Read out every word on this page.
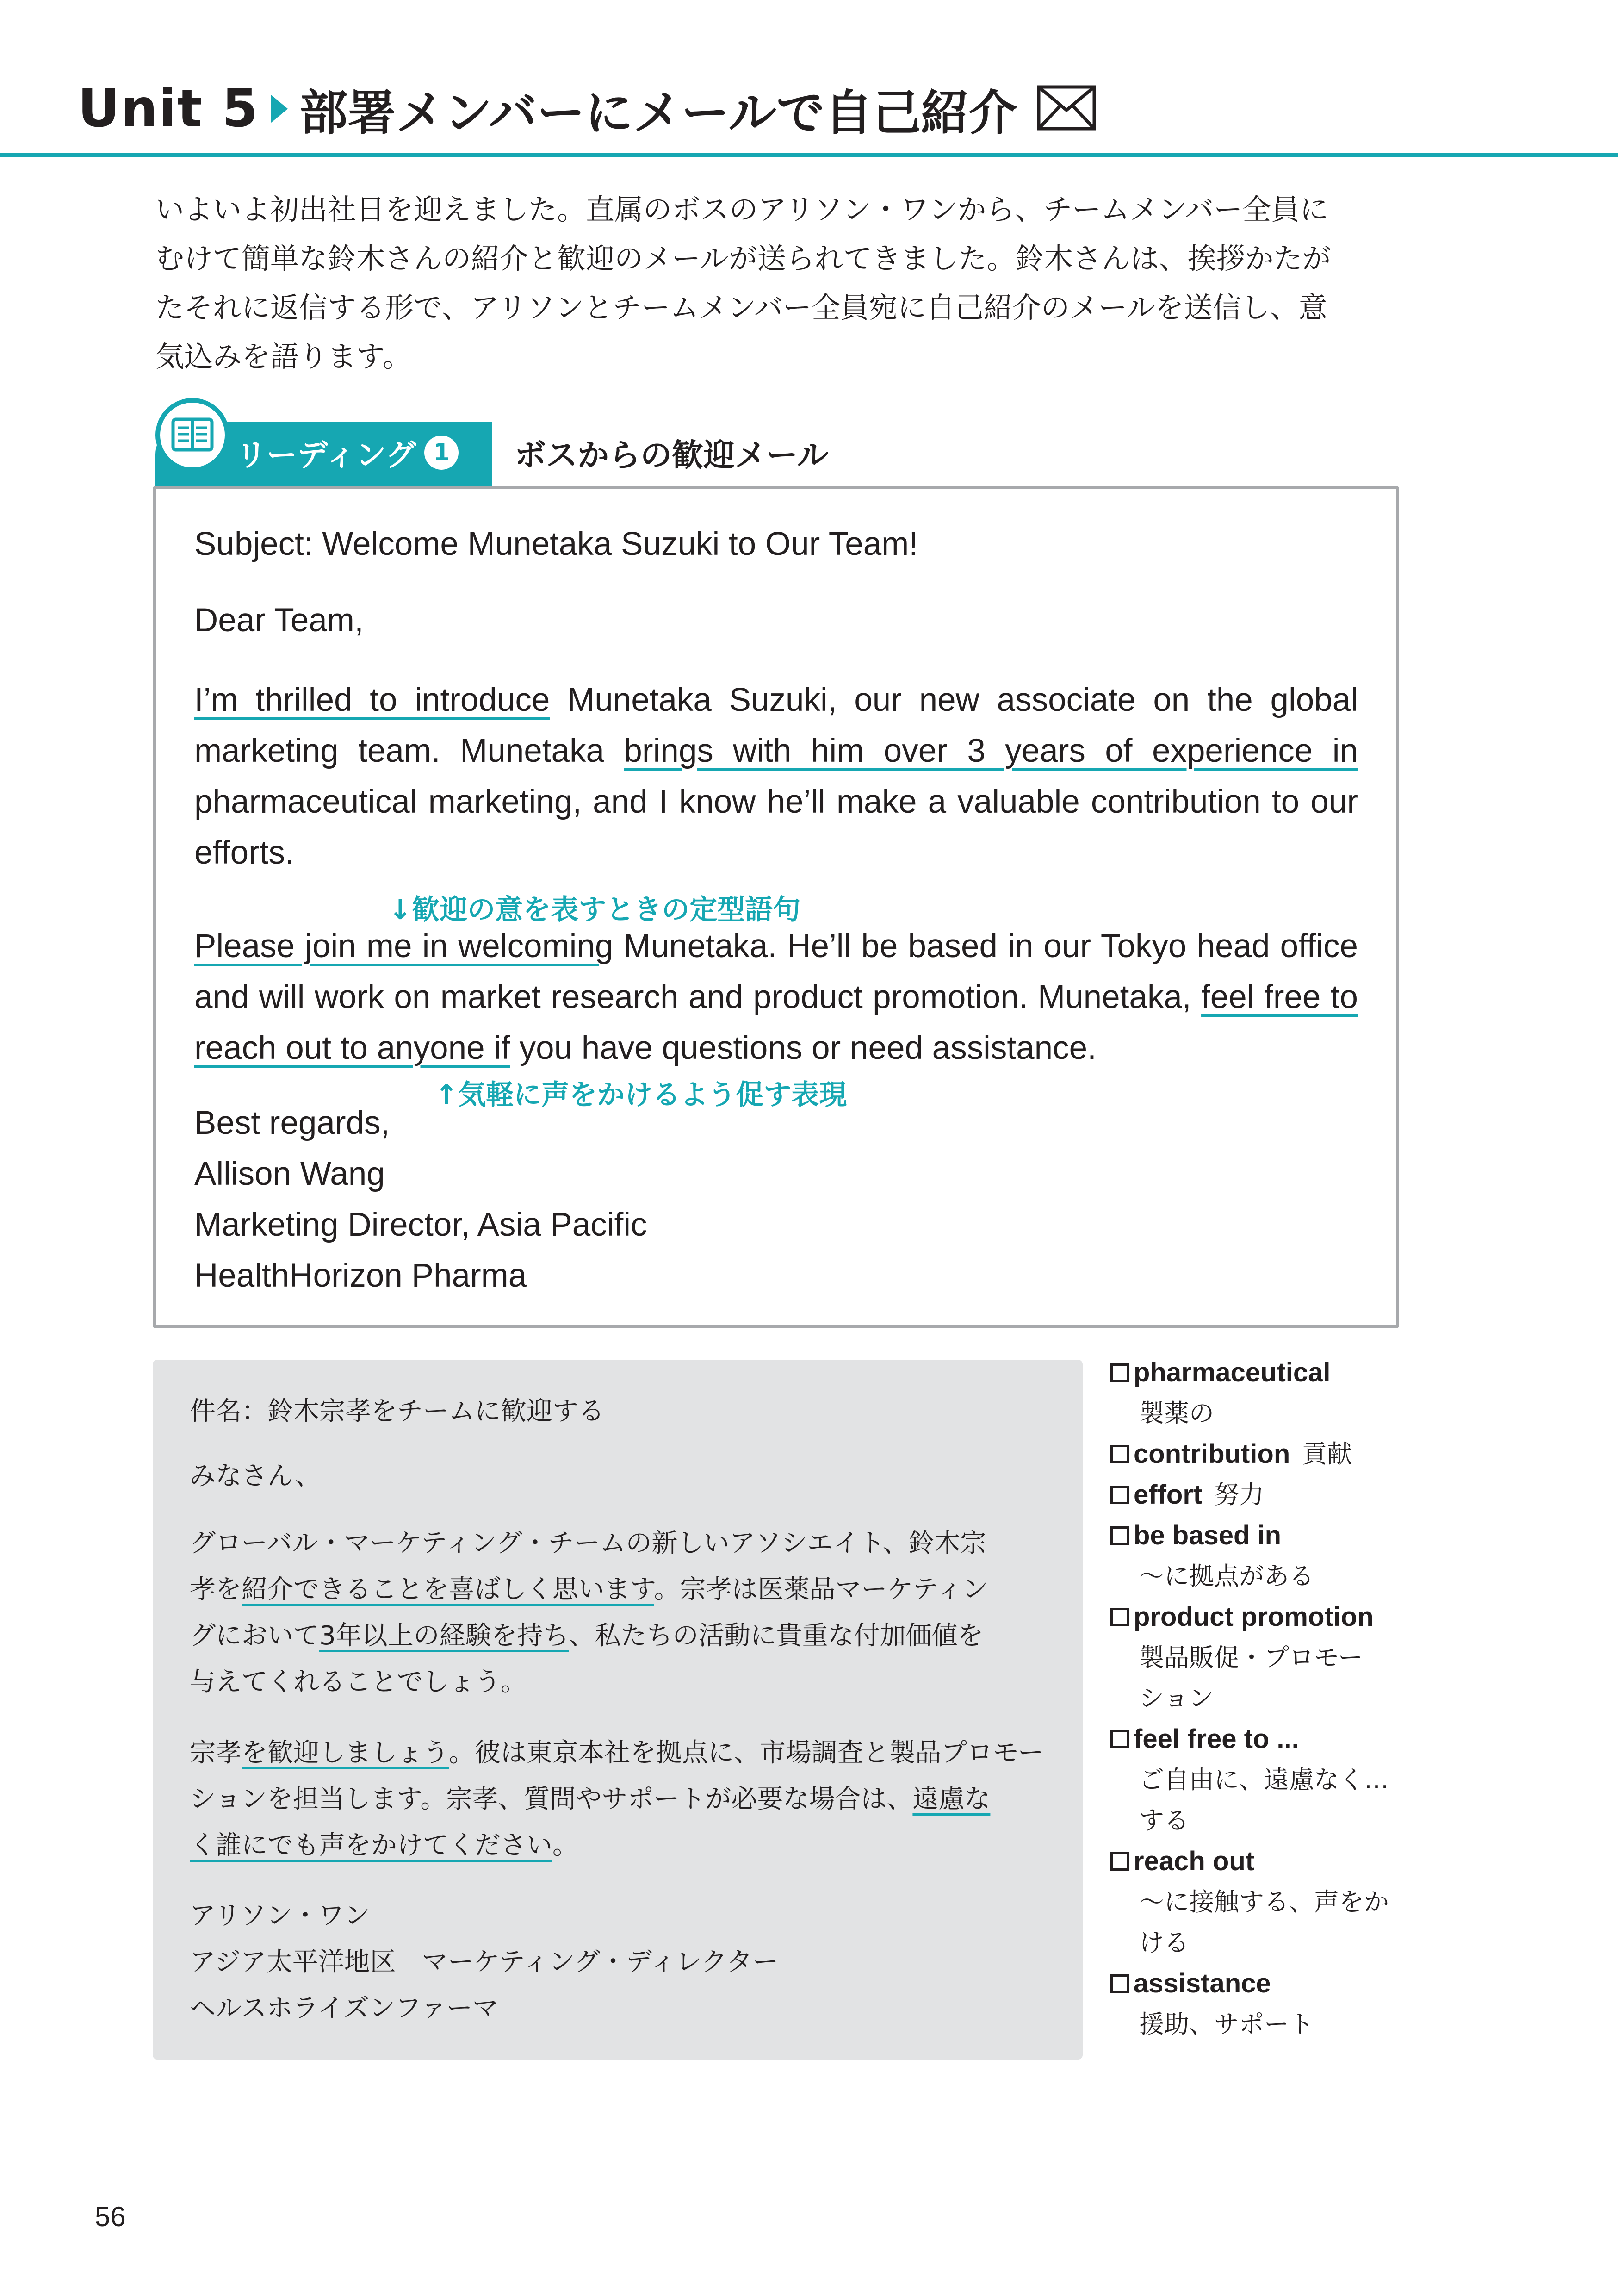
Unit 5 部署メンバーにメールで自己紹介
いよいよ初出社日を迎えました。直属のボスのアリソン・ワンから、チームメンバー全員に
むけて簡単な鈴木さんの紹介と歓迎のメールが送られてきました。鈴木さんは、挨拶かたが
たそれに返信する形で、アリソンとチームメンバー全員宛に自己紹介のメールを送信し、意
気込みを語ります。
リーディング 1 ボスからの歓迎メール
Subject: Welcome Munetaka Suzuki to Our Team!
Dear Team,
I’m thrilled to introduce Munetaka Suzuki, our new associate on the global marketing team. Munetaka brings with him over 3 years of experience in pharmaceutical marketing, and I know he’ll make a valuable contribution to our efforts.
↓歓迎の意を表すときの定型語句
Please join me in welcoming Munetaka. He’ll be based in our Tokyo head office and will work on market research and product promotion. Munetaka, feel free to reach out to anyone if you have questions or need assistance.
↑気軽に声をかけるよう促す表現
Best regards,
Allison Wang
Marketing Director, Asia Pacific
HealthHorizon Pharma
件名：鈴木宗孝をチームに歓迎する
みなさん、
グローバル・マーケティング・チームの新しいアソシエイト、鈴木宗
孝を紹介できることを喜ばしく思います。宗孝は医薬品マーケティン
グにおいて3年以上の経験を持ち、私たちの活動に貴重な付加価値を
与えてくれることでしょう。
宗孝を歓迎しましょう。彼は東京本社を拠点に、市場調査と製品プロモー
ションを担当します。宗孝、質問やサポートが必要な場合は、遠慮な
く誰にでも声をかけてください。
アリソン・ワン
アジア太平洋地区　マーケティング・ディレクター
ヘルスホライズンファーマ
pharmaceutical
製薬の
contribution 貢献
effort 努力
be based in
～に拠点がある
product promotion
製品販促・プロモー
ション
feel free to ...
ご自由に、遠慮なく…
する
reach out
～に接触する、声をか
ける
assistance
援助、サポート
56
